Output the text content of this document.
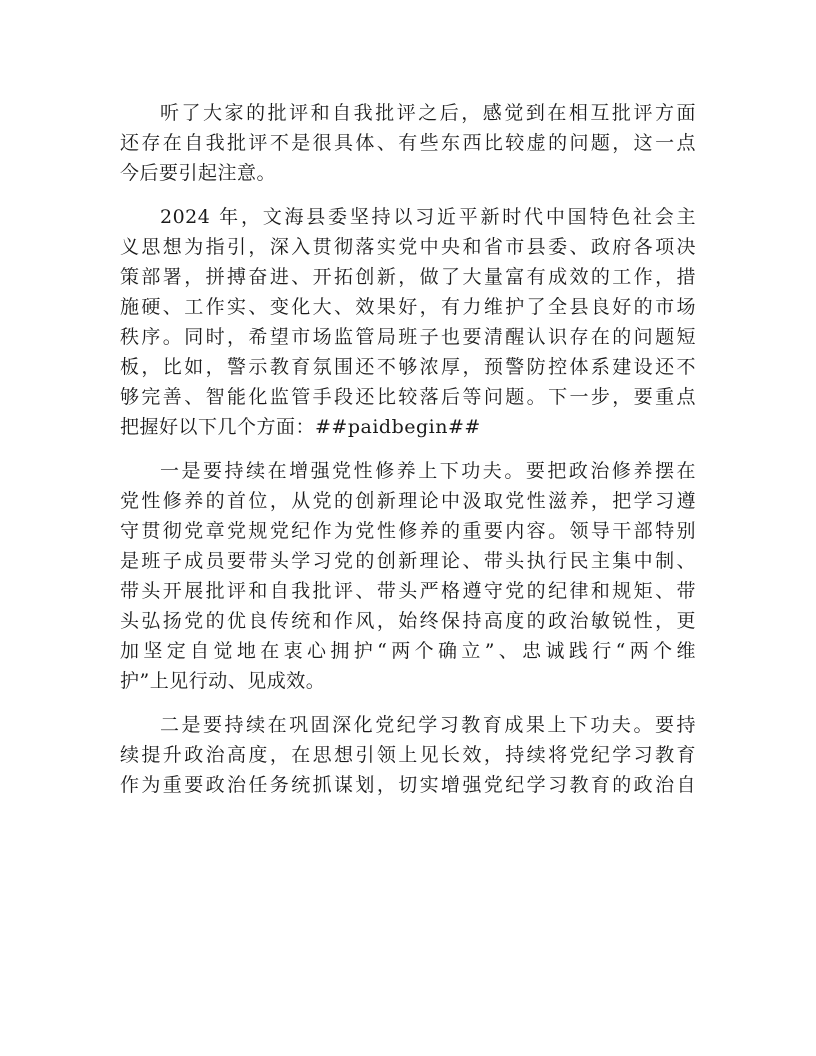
听了大家的批评和自我批评之后，感觉到在相互批评方面
还存在自我批评不是很具体、有些东西比较虚的问题，这一点
今后要引起注意。
2024 年，文海县委坚持以习近平新时代中国特色社会主
义思想为指引，深入贯彻落实党中央和省市县委、政府各项决
策部署，拼搏奋进、开拓创新，做了大量富有成效的工作，措
施硬、工作实、变化大、效果好，有力维护了全县良好的市场
秩序。同时，希望市场监管局班子也要清醒认识存在的问题短
板，比如，警示教育氛围还不够浓厚，预警防控体系建设还不
够完善、智能化监管手段还比较落后等问题。下一步，要重点
把握好以下几个方面：##paidbegin##
一是要持续在增强党性修养上下功夫。要把政治修养摆在
党性修养的首位，从党的创新理论中汲取党性滋养，把学习遵
守贯彻党章党规党纪作为党性修养的重要内容。领导干部特别
是班子成员要带头学习党的创新理论、带头执行民主集中制、
带头开展批评和自我批评、带头严格遵守党的纪律和规矩、带
头弘扬党的优良传统和作风，始终保持高度的政治敏锐性，更
加坚定自觉地在衷心拥护“两个确立”、忠诚践行“两个维
护”上见行动、见成效。
二是要持续在巩固深化党纪学习教育成果上下功夫。要持
续提升政治高度，在思想引领上见长效，持续将党纪学习教育
作为重要政治任务统抓谋划，切实增强党纪学习教育的政治自
